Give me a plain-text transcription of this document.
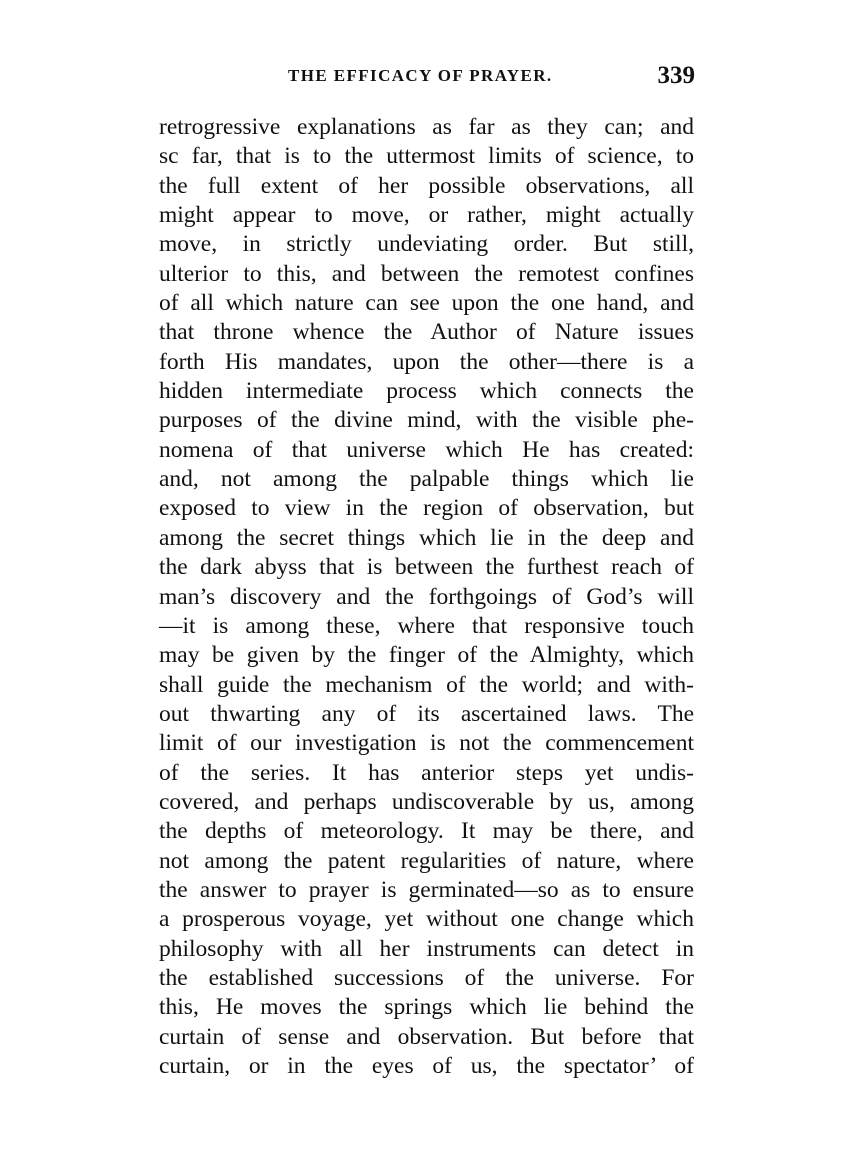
THE EFFICACY OF PRAYER.	339
retrogressive explanations as far as they can; and
sc far, that is to the uttermost limits of science, to
the full extent of her possible observations, all
might appear to move, or rather, might actually
move, in strictly undeviating order. But still,
ulterior to this, and between the remotest confines
of all which nature can see upon the one hand, and
that throne whence the Author of Nature issues
forth His mandates, upon the other—there is a
hidden intermediate process which connects the
purposes of the divine mind, with the visible phe-
nomena of that universe which He has created:
and, not among the palpable things which lie
exposed to view in the region of observation, but
among the secret things which lie in the deep and
the dark abyss that is between the furthest reach of
man’s discovery and the forthgoings of God’s will
—it is among these, where that responsive touch
may be given by the finger of the Almighty, which
shall guide the mechanism of the world; and with-
out thwarting any of its ascertained laws. The
limit of our investigation is not the commencement
of the series. It has anterior steps yet undis-
covered, and perhaps undiscoverable by us, among
the depths of meteorology. It may be there, and
not among the patent regularities of nature, where
the answer to prayer is germinated—so as to ensure
a prosperous voyage, yet without one change which
philosophy with all her instruments can detect in
the established successions of the universe. For
this, He moves the springs which lie behind the
curtain of sense and observation. But before that
curtain, or in the eyes of us, the spectator’ of
